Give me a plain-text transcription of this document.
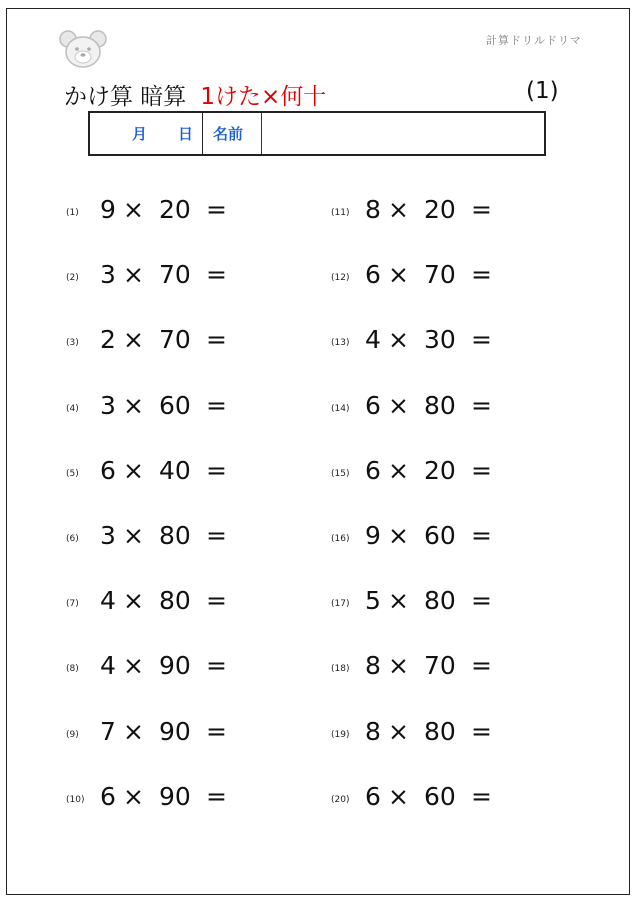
計算ドリルドリマ
かけ算 暗算 1けた×何十	(1)
月 日	名前
(1) 9 × 20 =
(2) 3 × 70 =
(3) 2 × 70 =
(4) 3 × 60 =
(5) 6 × 40 =
(6) 3 × 80 =
(7) 4 × 80 =
(8) 4 × 90 =
(9) 7 × 90 =
(10) 6 × 90 =
(11) 8 × 20 =
(12) 6 × 70 =
(13) 4 × 30 =
(14) 6 × 80 =
(15) 6 × 20 =
(16) 9 × 60 =
(17) 5 × 80 =
(18) 8 × 70 =
(19) 8 × 80 =
(20) 6 × 60 =
